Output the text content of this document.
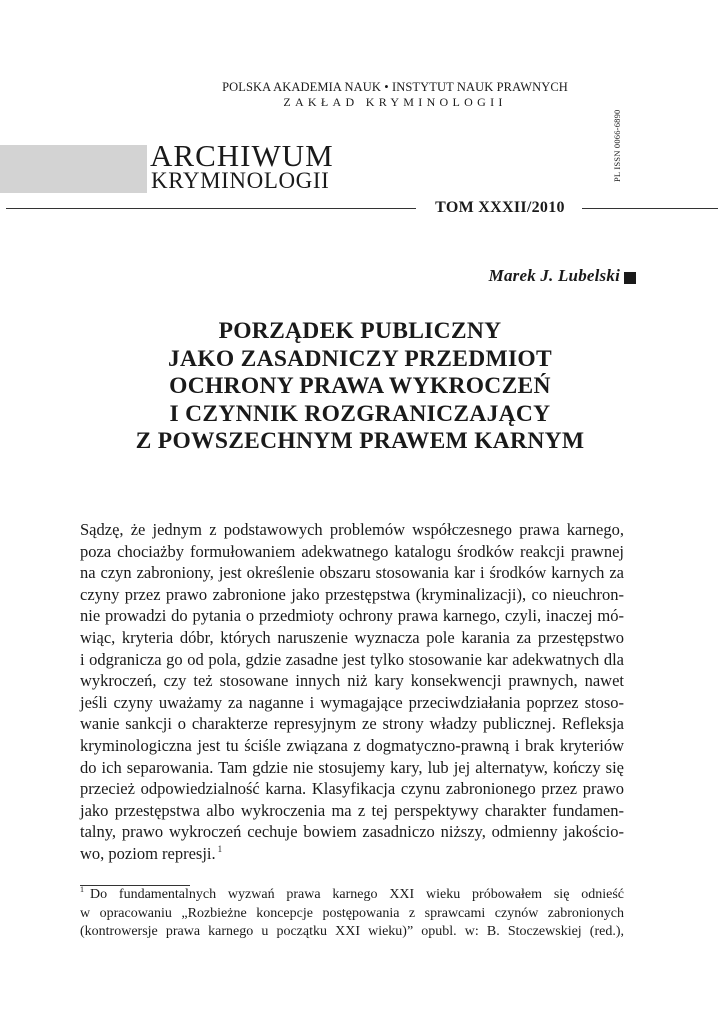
POLSKA AKADEMIA NAUK • INSTYTUT NAUK PRAWNYCH
ZAKŁAD KRYMINOLOGII
PL ISSN 0066-6890
ARCHIWUM
KRYMINOLOGII
TOM XXXII/2010
Marek J. Lubelski
PORZĄDEK PUBLICZNY
JAKO ZASADNICZY PRZEDMIOT
OCHRONY PRAWA WYKROCZEŃ
I CZYNNIK ROZGRANICZAJĄCY
Z POWSZECHNYM PRAWEM KARNYM
Sądzę, że jednym z podstawowych problemów współczesnego prawa karnego,
poza chociażby formułowaniem adekwatnego katalogu środków reakcji prawnej
na czyn zabroniony, jest określenie obszaru stosowania kar i środków karnych za
czyny przez prawo zabronione jako przestępstwa (kryminalizacji), co nieuchron-
nie prowadzi do pytania o przedmioty ochrony prawa karnego, czyli, inaczej mó-
wiąc, kryteria dóbr, których naruszenie wyznacza pole karania za przestępstwo
i odgranicza go od pola, gdzie zasadne jest tylko stosowanie kar adekwatnych dla
wykroczeń, czy też stosowane innych niż kary konsekwencji prawnych, nawet
jeśli czyny uważamy za naganne i wymagające przeciwdziałania poprzez stoso-
wanie sankcji o charakterze represyjnym ze strony władzy publicznej. Refleksja
kryminologiczna jest tu ściśle związana z dogmatyczno-prawną i brak kryteriów
do ich separowania. Tam gdzie nie stosujemy kary, lub jej alternatyw, kończy się
przecież odpowiedzialność karna. Klasyfikacja czynu zabronionego przez prawo
jako przestępstwa albo wykroczenia ma z tej perspektywy charakter fundamen-
talny, prawo wykroczeń cechuje bowiem zasadniczo niższy, odmienny jakościo-
wo, poziom represji. $^1$
$^1$ Do fundamentalnych wyzwań prawa karnego XXI wieku próbowałem się odnieść
w opracowaniu „Rozbieżne koncepcje postępowania z sprawcami czynów zabronionych
(kontrowersje prawa karnego u początku XXI wieku)” opubl. w: B. Stoczewskiej (red.),
